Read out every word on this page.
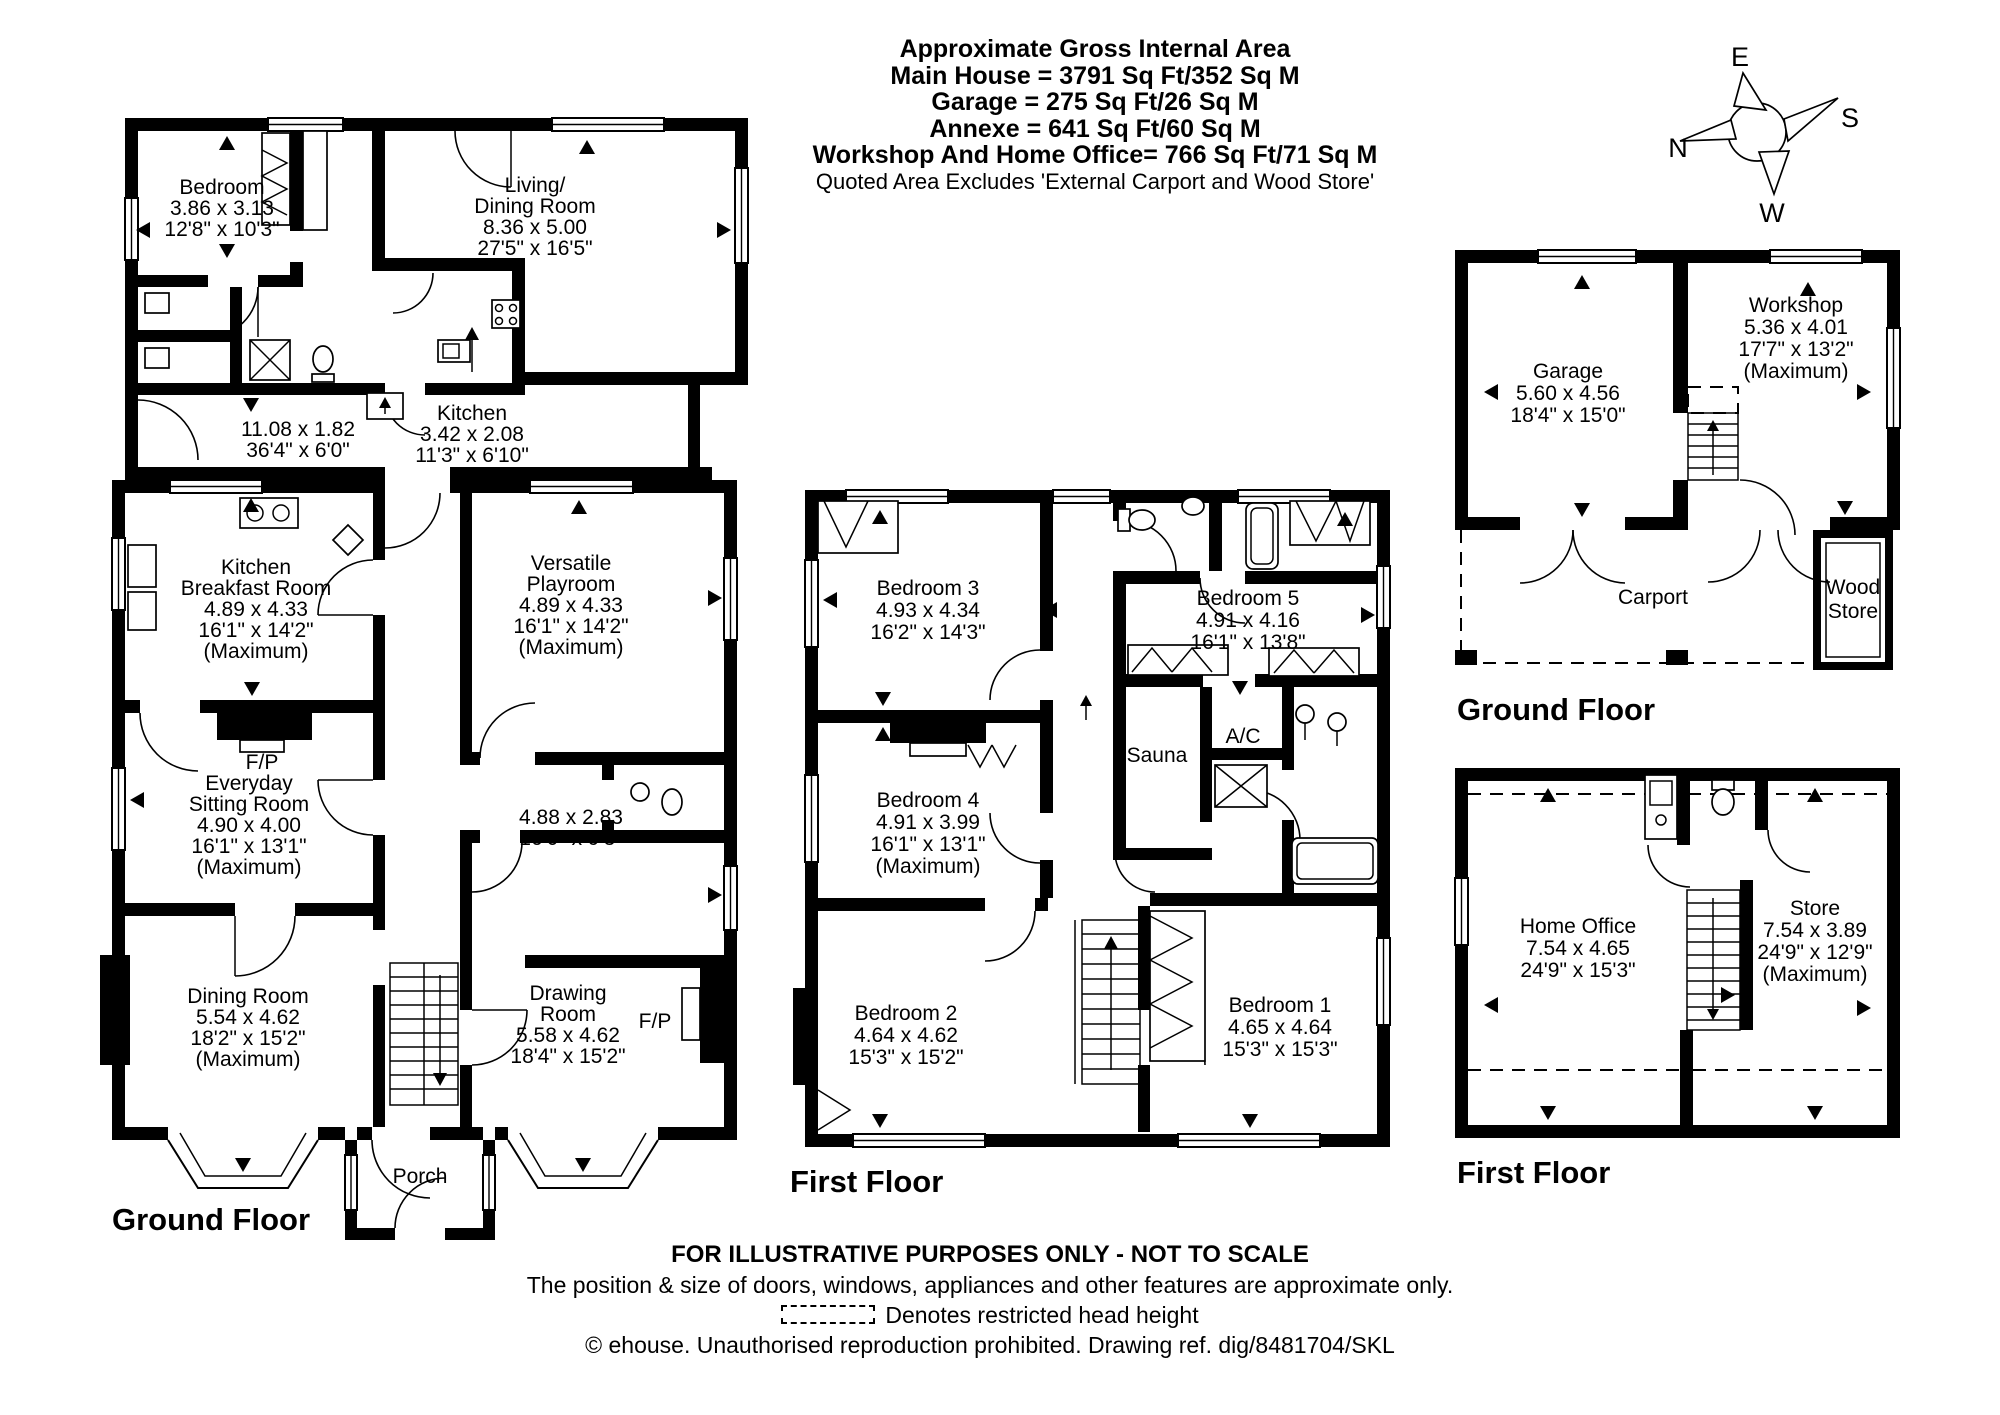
Approximate Gross Internal Area
Main House = 3791 Sq Ft/352 Sq M
Garage = 275 Sq Ft/26 Sq M
Annexe = 641 Sq Ft/60 Sq M
Workshop And Home Office= 766 Sq Ft/71 Sq M
Quoted Area Excludes 'External Carport and Wood Store'
E
S
W
N
Bedroom
3.86 x 3.13
12'8" x 10'3"
Living/
Dining Room
8.36 x 5.00
27'5" x 16'5"
Kitchen
3.42 x 2.08
11'3" x 6'10"
11.08 x 1.82
36'4" x 6'0"
Kitchen
Breakfast Room
4.89 x 4.33
16'1" x 14'2"
(Maximum)
Versatile
Playroom
4.89 x 4.33
16'1" x 14'2"
(Maximum)
F/P
Everyday
Sitting Room
4.90 x 4.00
16'1" x 13'1"
(Maximum)
4.88 x 2.83
16'0" x 9'3"
Dining Room
5.54 x 4.62
18'2" x 15'2"
(Maximum)
Drawing
Room
5.58 x 4.62
18'4" x 15'2"
F/P
Porch
Ground Floor
Bedroom 3
4.93 x 4.34
16'2" x 14'3"
Bedroom 5
4.91 x 4.16
16'1" x 13'8"
Bedroom 4
4.91 x 3.99
16'1" x 13'1"
(Maximum)
Sauna
A/C
Bedroom 2
4.64 x 4.62
15'3" x 15'2"
Bedroom 1
4.65 x 4.64
15'3" x 15'3"
First Floor
Garage
5.60 x 4.56
18'4" x 15'0"
Workshop
5.36 x 4.01
17'7" x 13'2"
(Maximum)
Carport	Wood
Store
Ground Floor
Home Office
7.54 x 4.65
24'9" x 15'3"
Store
7.54 x 3.89
24'9" x 12'9"
(Maximum)
First Floor
FOR ILLUSTRATIVE PURPOSES ONLY - NOT TO SCALE
The position & size of doors, windows, appliances and other features are approximate only.
Denotes restricted head height
© ehouse. Unauthorised reproduction prohibited. Drawing ref. dig/8481704/SKL
